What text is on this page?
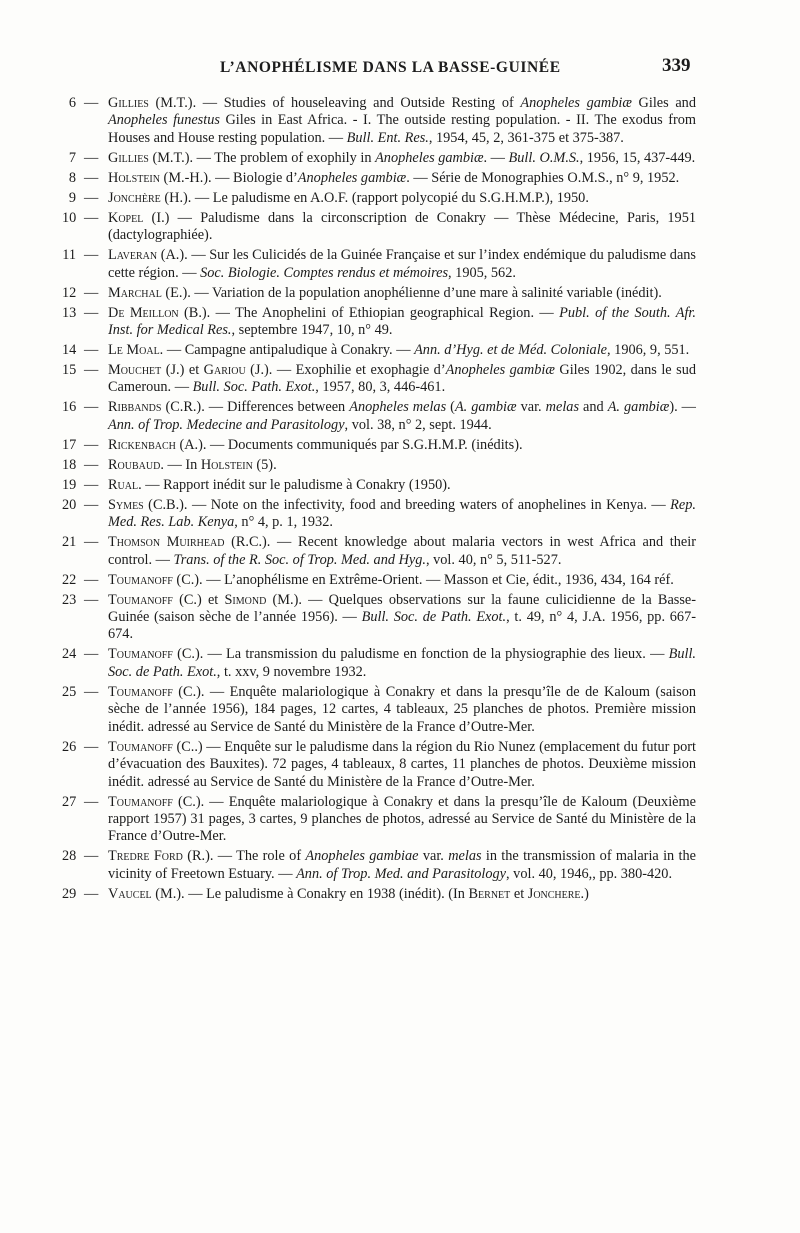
L’ANOPHÉLISME DANS LA BASSE-GUINÉE	339
6 — Gillies (M.T.). — Studies of houseleaving and Outside Resting of Anopheles gambiæ Giles and Anopheles funestus Giles in East Africa. - I. The outside resting population. - II. The exodus from Houses and House resting population. — Bull. Ent. Res., 1954, 45, 2, 361-375 et 375-387.
7 — Gillies (M.T.). — The problem of exophily in Anopheles gambiæ. — Bull. O.M.S., 1956, 15, 437-449.
8 — Holstein (M.-H.). — Biologie d’Anopheles gambiæ. — Série de Monographies O.M.S., n° 9, 1952.
9 — Jonchère (H.). — Le paludisme en A.O.F. (rapport polycopié du S.G.H.M.P.), 1950.
10 — Kopel (I.) — Paludisme dans la circonscription de Conakry — Thèse Médecine, Paris, 1951 (dactylographiée).
11 — Laveran (A.). — Sur les Culicidés de la Guinée Française et sur l’index endémique du paludisme dans cette région. — Soc. Biologie. Comptes rendus et mémoires, 1905, 562.
12 — Marchal (E.). — Variation de la population anophélienne d’une mare à salinité variable (inédit).
13 — De Meillon (B.). — The Anophelini of Ethiopian geographical Region. — Publ. of the South. Afr. Inst. for Medical Res., septembre 1947, 10, n° 49.
14 — Le Moal. — Campagne antipaludique à Conakry. — Ann. d’Hyg. et de Méd. Coloniale, 1906, 9, 551.
15 — Mouchet (J.) et Gariou (J.). — Exophilie et exophagie d’Anopheles gambiæ Giles 1902, dans le sud Cameroun. — Bull. Soc. Path. Exot., 1957, 80, 3, 446-461.
16 — Ribbands (C.R.). — Differences between Anopheles melas (A. gambiæ var. melas and A. gambiæ). — Ann. of Trop. Medecine and Parasitology, vol. 38, n° 2, sept. 1944.
17 — Rickenbach (A.). — Documents communiqués par S.G.H.M.P. (inédits).
18 — Roubaud. — In Holstein (5).
19 — Rual. — Rapport inédit sur le paludisme à Conakry (1950).
20 — Symes (C.B.). — Note on the infectivity, food and breeding waters of anophelines in Kenya. — Rep. Med. Res. Lab. Kenya, n° 4, p. 1, 1932.
21 — Thomson Muirhead (R.C.). — Recent knowledge about malaria vectors in west Africa and their control. — Trans. of the R. Soc. of Trop. Med. and Hyg., vol. 40, n° 5, 511-527.
22 — Toumanoff (C.). — L’anophélisme en Extrême-Orient. — Masson et Cie, édit., 1936, 434, 164 réf.
23 — Toumanoff (C.) et Simond (M.). — Quelques observations sur la faune culicidienne de la Basse-Guinée (saison sèche de l’année 1956). — Bull. Soc. de Path. Exot., t. 49, n° 4, J.A. 1956, pp. 667-674.
24 — Toumanoff (C.). — La transmission du paludisme en fonction de la physiographie des lieux. — Bull. Soc. de Path. Exot., t. xxv, 9 novembre 1932.
25 — Toumanoff (C.). — Enquête malariologique à Conakry et dans la presqu’île de de Kaloum (saison sèche de l’année 1956), 184 pages, 12 cartes, 4 tableaux, 25 planches de photos. Première mission inédit. adressé au Service de Santé du Ministère de la France d’Outre-Mer.
26 — Toumanoff (C..) — Enquête sur le paludisme dans la région du Rio Nunez (emplacement du futur port d’évacuation des Bauxites). 72 pages, 4 tableaux, 8 cartes, 11 planches de photos. Deuxième mission inédit. adressé au Service de Santé du Ministère de la France d’Outre-Mer.
27 — Toumanoff (C.). — Enquête malariologique à Conakry et dans la presqu’île de Kaloum (Deuxième rapport 1957) 31 pages, 3 cartes, 9 planches de photos, adressé au Service de Santé du Ministère de la France d’Outre-Mer.
28 — Tredre Ford (R.). — The role of Anopheles gambiae var. melas in the transmission of malaria in the vicinity of Freetown Estuary. — Ann. of Trop. Med. and Parasitology, vol. 40, 1946,, pp. 380-420.
29 — Vaucel (M.). — Le paludisme à Conakry en 1938 (inédit). (In Bernet et Jonchere.)
